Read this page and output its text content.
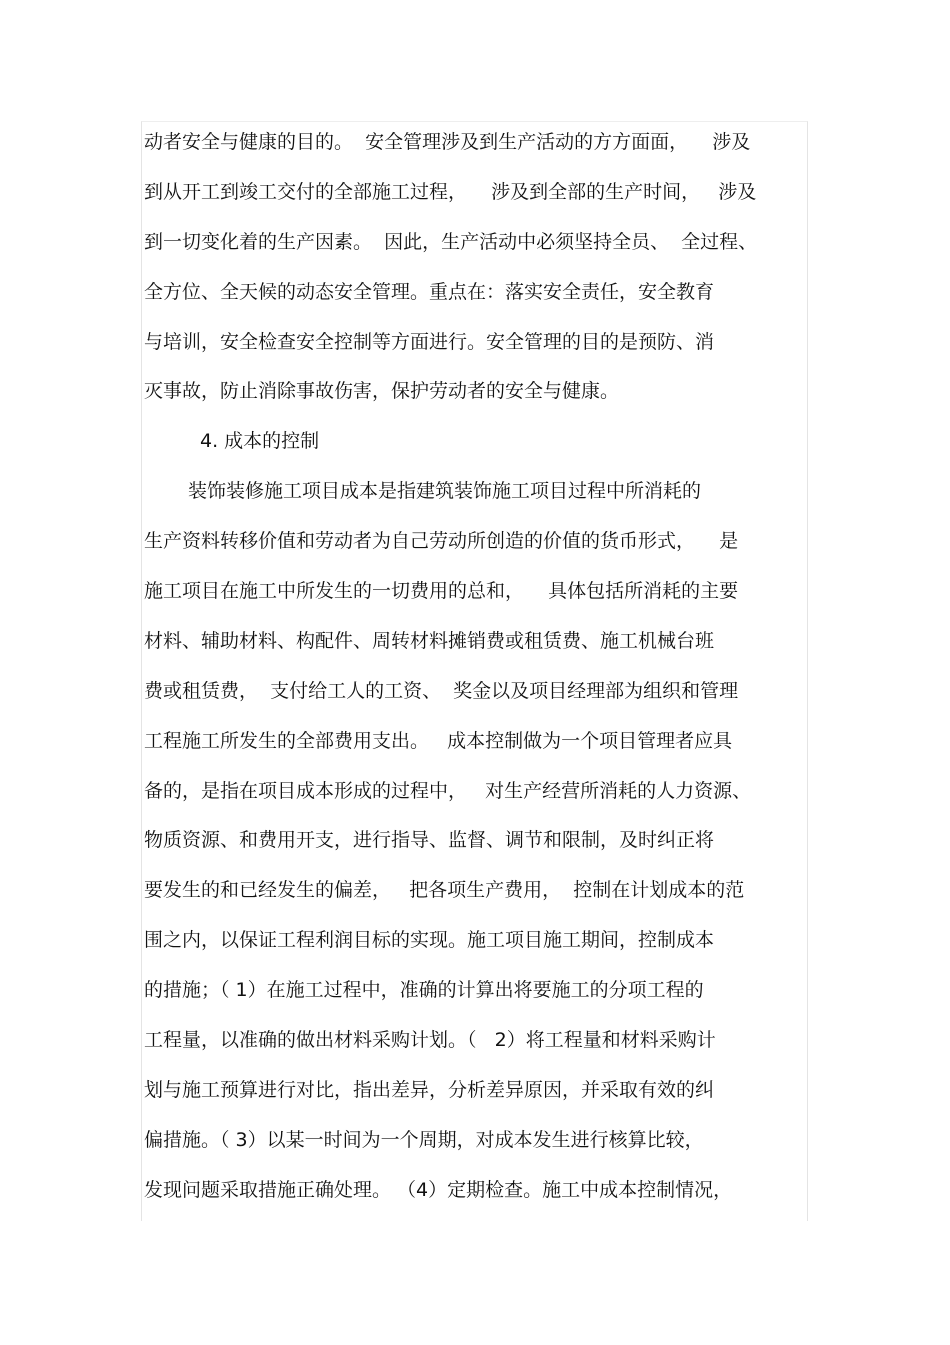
动者安全与健康的目的。  安全管理涉及到生产活动的方方面面，    涉及

到从开工到竣工交付的全部施工过程，    涉及到全部的生产时间，   涉及

到一切变化着的生产因素。  因此，生产活动中必须坚持全员、  全过程、

全方位、全天候的动态安全管理。重点在：落实安全责任，安全教育

与培训，安全检查安全控制等方面进行。安全管理的目的是预防、消

灭事故，防止消除事故伤害，保护劳动者的安全与健康。

4. 成本的控制

装饰装修施工项目成本是指建筑装饰施工项目过程中所消耗的

生产资料转移价值和劳动者为自己劳动所创造的价值的货币形式，    是

施工项目在施工中所发生的一切费用的总和，    具体包括所消耗的主要

材料、辅助材料、构配件、周转材料摊销费或租赁费、施工机械台班

费或租赁费，  支付给工人的工资、  奖金以及项目经理部为组织和管理

工程施工所发生的全部费用支出。   成本控制做为一个项目管理者应具

备的，是指在项目成本形成的过程中，   对生产经营所消耗的人力资源、

物质资源、和费用开支，进行指导、监督、调节和限制，及时纠正将

要发生的和已经发生的偏差，   把各项生产费用，  控制在计划成本的范

围之内，以保证工程利润目标的实现。施工项目施工期间，控制成本

的措施；（ 1）在施工过程中，准确的计算出将要施工的分项工程的

工程量，以准确的做出材料采购计划。（   2）将工程量和材料采购计

划与施工预算进行对比，指出差异，分析差异原因，并采取有效的纠

偏措施。（ 3）以某一时间为一个周期，对成本发生进行核算比较，

发现问题采取措施正确处理。 （4）定期检查。施工中成本控制情况，
